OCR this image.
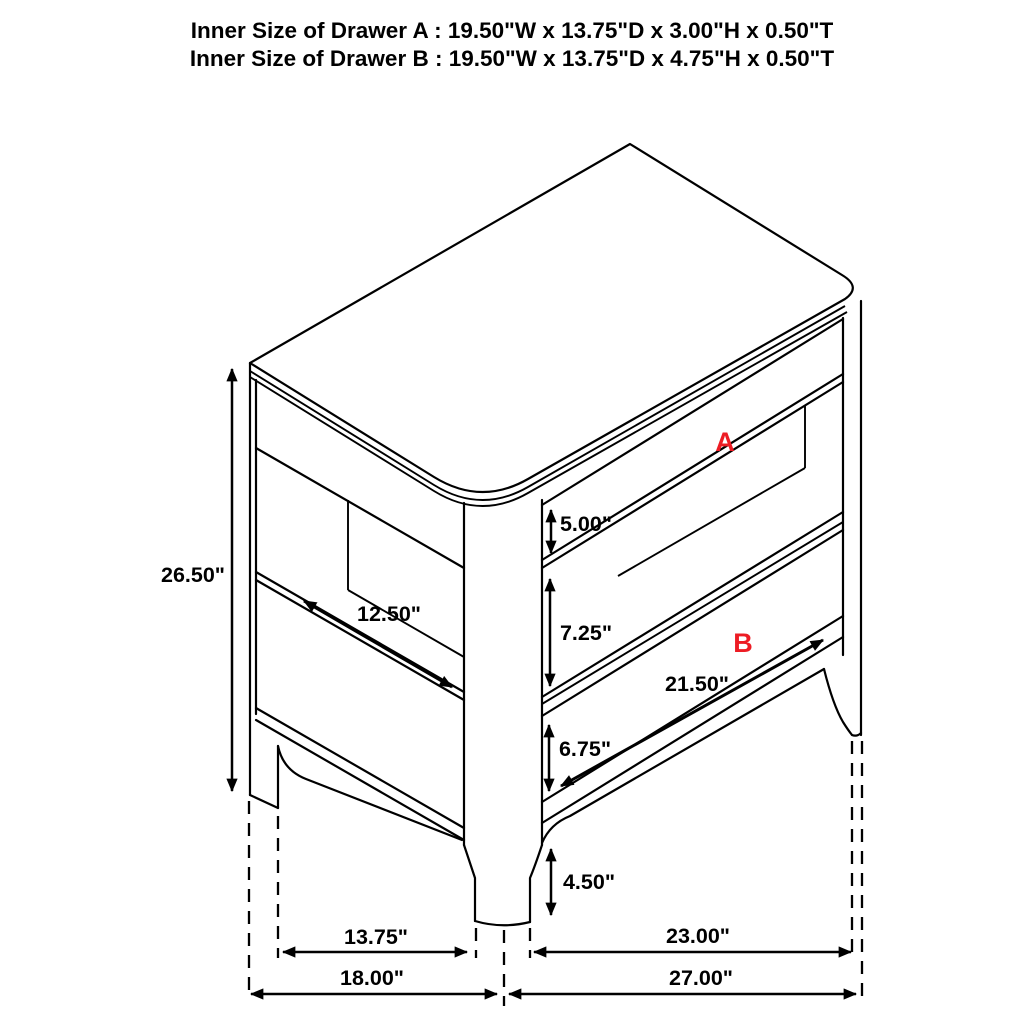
Inner Size of Drawer A : 19.50"W x 13.75"D x 3.00"H x 0.50"T
Inner Size of Drawer B : 19.50"W x 13.75"D x 4.75"H x 0.50"T
A
B
26.50"
12.50"
5.00"
7.25"
6.75"
21.50"
4.50"
13.75"	23.00"
18.00"	27.00"
